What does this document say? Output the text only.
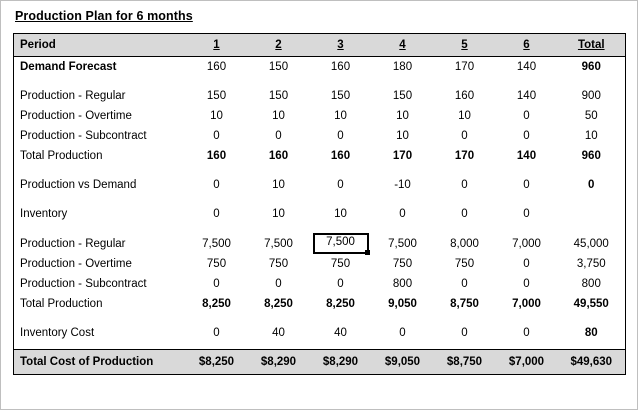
Production Plan for 6 months
Period	1	2	3	4	5	6	Total
Demand Forecast	160	150	160	180	170	140	960

Production - Regular	150	150	150	150	160	140	900
Production - Overtime	10	10	10	10	10	0	50
Production - Subcontract	0	0	0	10	0	0	10
Total Production	160	160	160	170	170	140	960

Production vs Demand	0	10	0	-10	0	0	0

Inventory	0	10	10	0	0	0	

Production - Regular	7,500	7,500	7,500	7,500	8,000	7,000	45,000
Production - Overtime	750	750	750	750	750	0	3,750
Production - Subcontract	0	0	0	800	0	0	800
Total Production	8,250	8,250	8,250	9,050	8,750	7,000	49,550

Inventory Cost	0	40	40	0	0	0	80

Total Cost of Production	$8,250	$8,290	$8,290	$9,050	$8,750	$7,000	$49,630
